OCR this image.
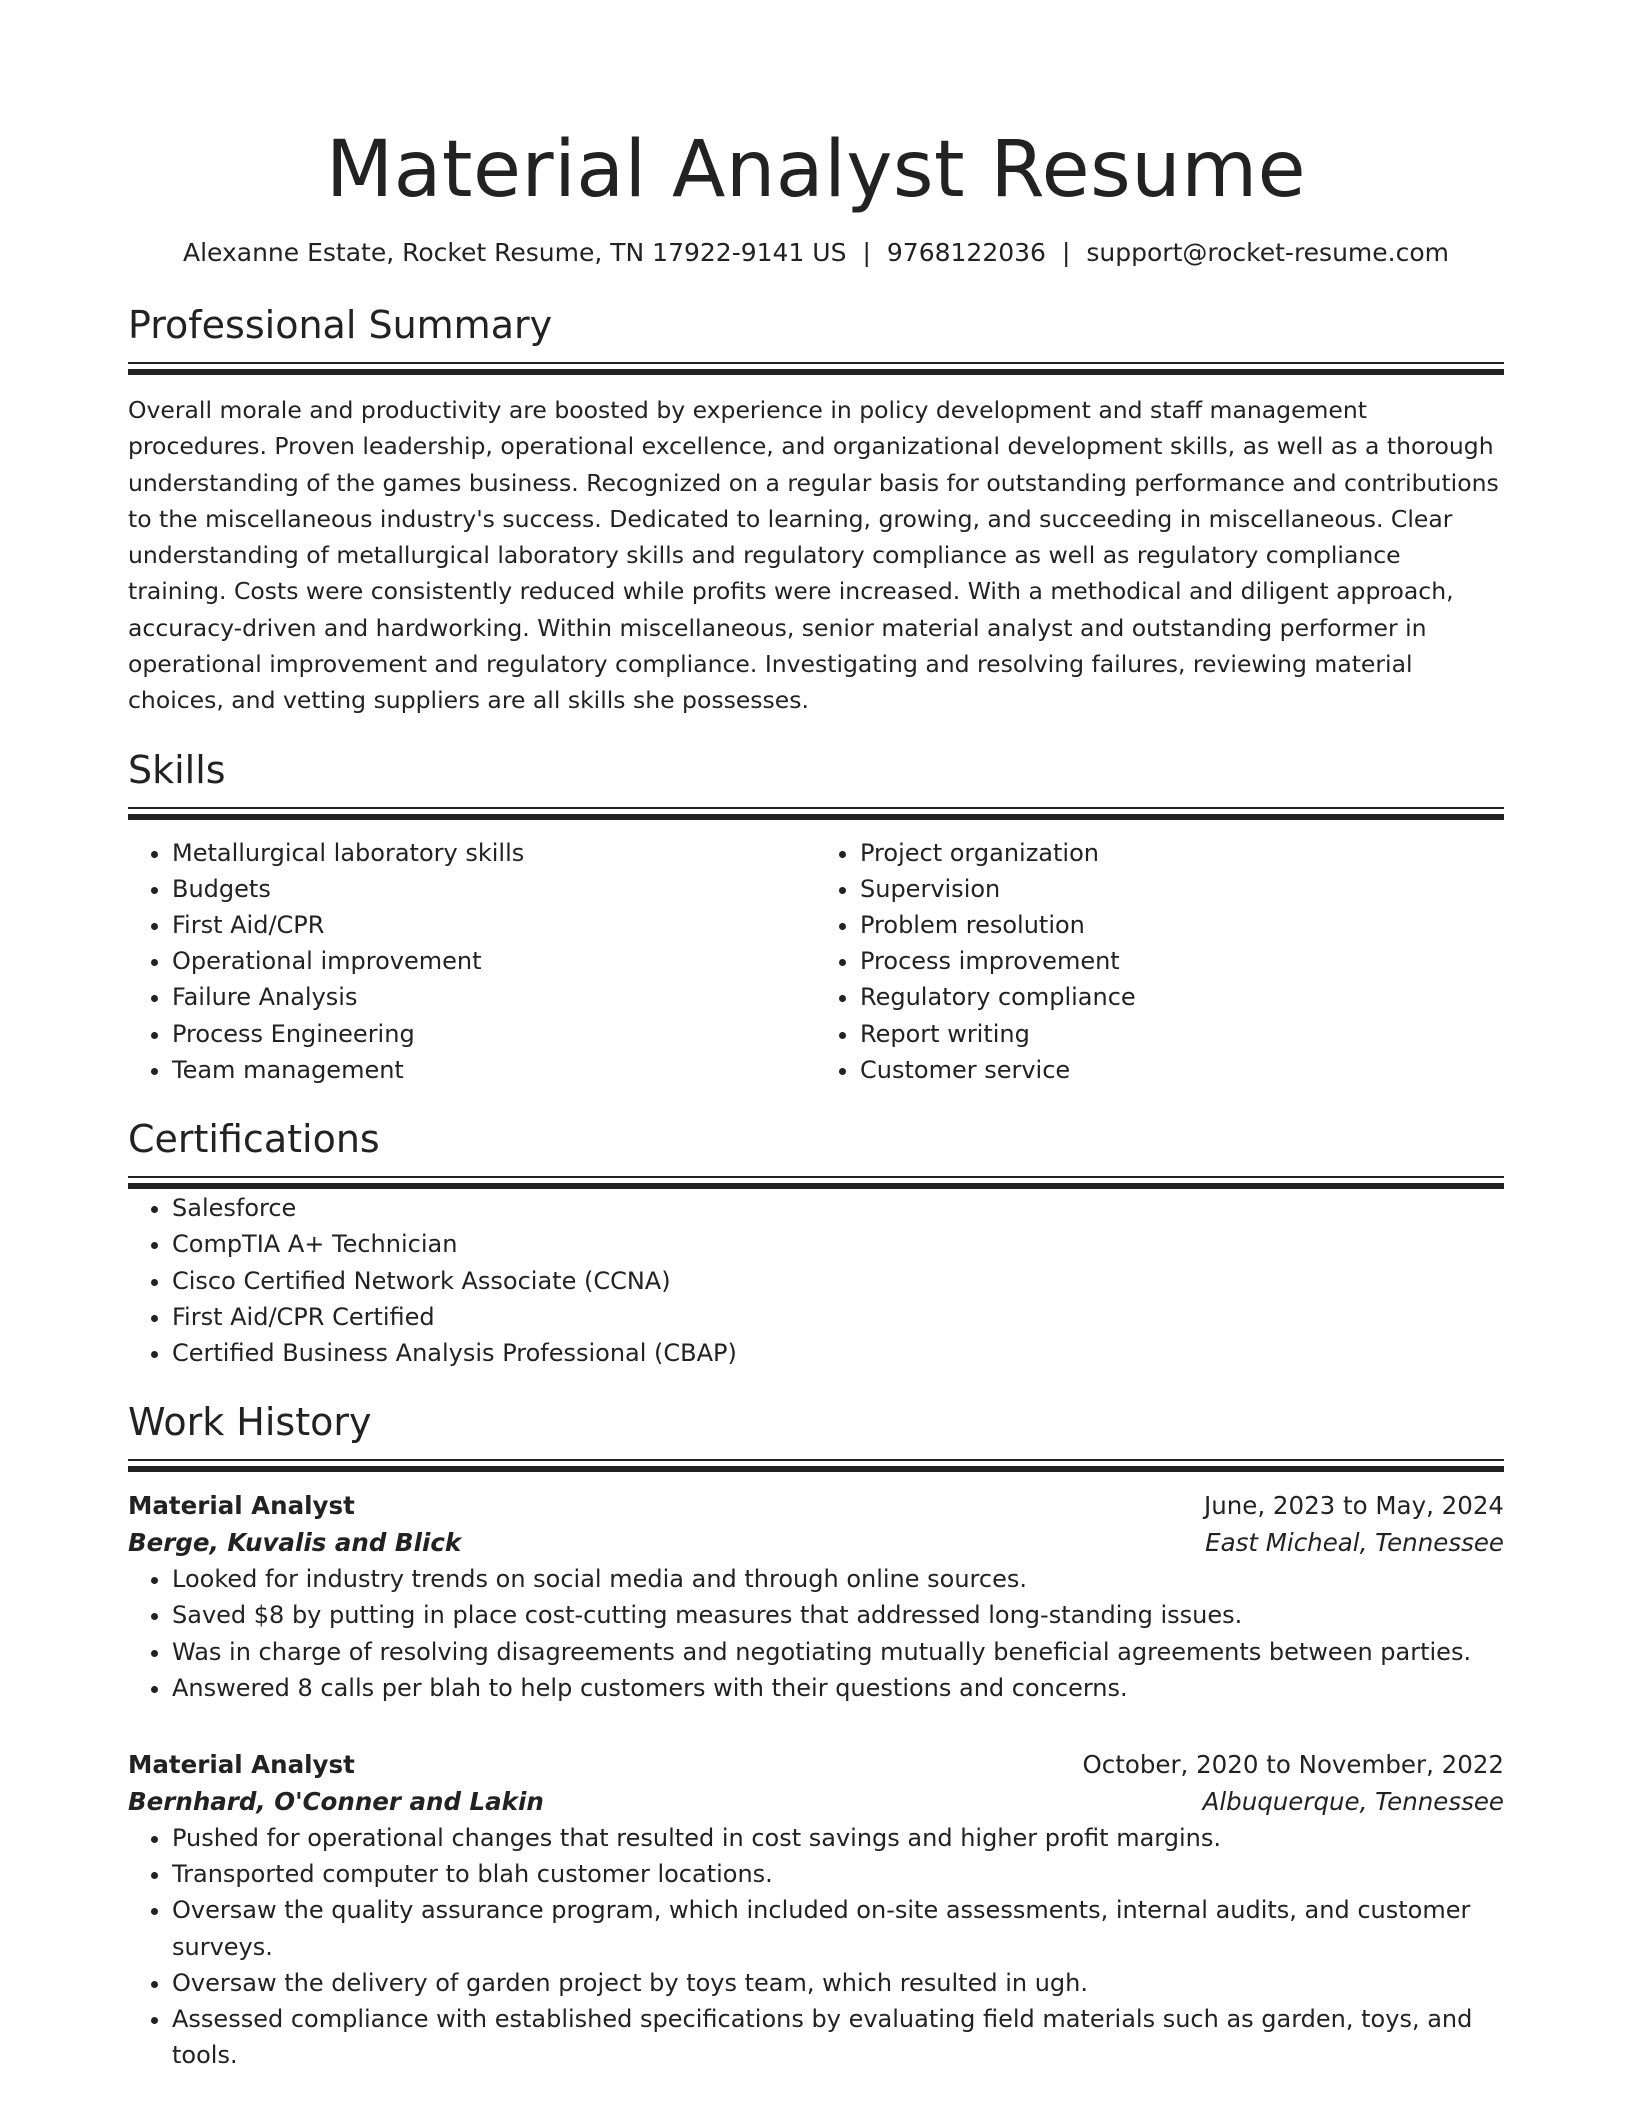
Material Analyst Resume
Alexanne Estate, Rocket Resume, TN 17922-9141 US | 9768122036 | support@rocket-resume.com
Professional Summary

Overall morale and productivity are boosted by experience in policy development and staff management procedures. Proven leadership, operational excellence, and organizational development skills, as well as a thorough understanding of the games business. Recognized on a regular basis for outstanding performance and contributions to the miscellaneous industry's success. Dedicated to learning, growing, and succeeding in miscellaneous. Clear understanding of metallurgical laboratory skills and regulatory compliance as well as regulatory compliance training. Costs were consistently reduced while profits were increased. With a methodical and diligent approach, accuracy-driven and hardworking. Within miscellaneous, senior material analyst and outstanding performer in operational improvement and regulatory compliance. Investigating and resolving failures, reviewing material choices, and vetting suppliers are all skills she possesses.

Skills
• Metallurgical laboratory skills
• Budgets
• First Aid/CPR
• Operational improvement
• Failure Analysis
• Process Engineering
• Team management
• Project organization
• Supervision
• Problem resolution
• Process improvement
• Regulatory compliance
• Report writing
• Customer service
Certifications
• Salesforce
• CompTIA A+ Technician
• Cisco Certified Network Associate (CCNA)
• First Aid/CPR Certified
• Certified Business Analysis Professional (CBAP)
Work History
Material Analyst	June, 2023 to May, 2024
Berge, Kuvalis and Blick	East Micheal, Tennessee
• Looked for industry trends on social media and through online sources.
• Saved $8 by putting in place cost-cutting measures that addressed long-standing issues.
• Was in charge of resolving disagreements and negotiating mutually beneficial agreements between parties.
• Answered 8 calls per blah to help customers with their questions and concerns.
Material Analyst	October, 2020 to November, 2022
Bernhard, O'Conner and Lakin	Albuquerque, Tennessee
• Pushed for operational changes that resulted in cost savings and higher profit margins.
• Transported computer to blah customer locations.
• Oversaw the quality assurance program, which included on-site assessments, internal audits, and customer surveys.
• Oversaw the delivery of garden project by toys team, which resulted in ugh.
• Assessed compliance with established specifications by evaluating field materials such as garden, toys, and tools.
